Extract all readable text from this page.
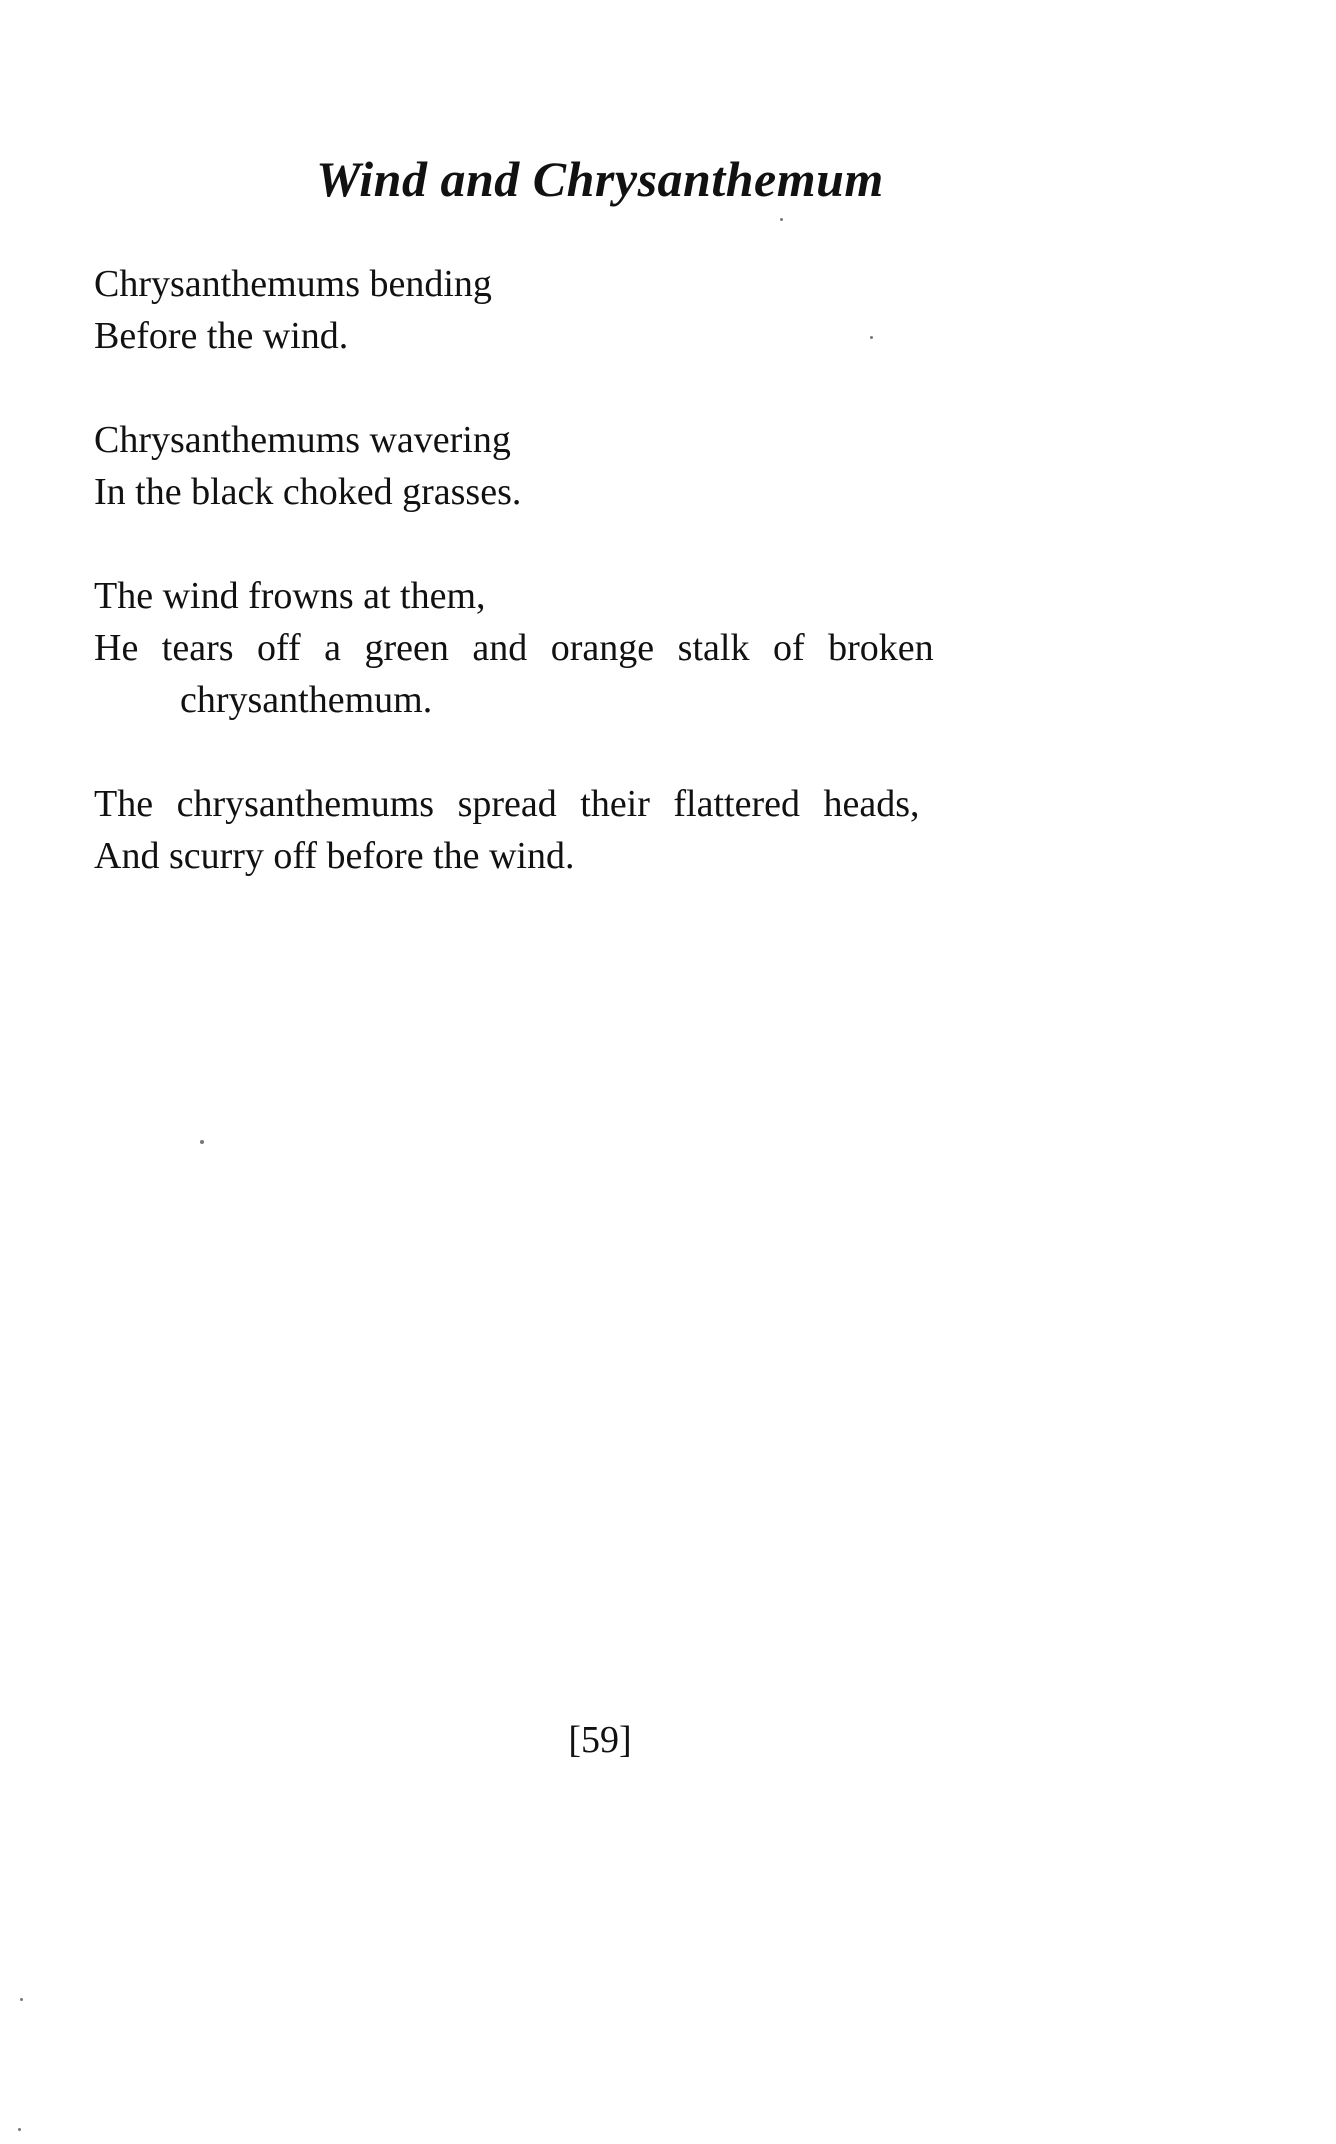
Wind and Chrysanthemum

Chrysanthemums bending
Before the wind.

Chrysanthemums wavering
In the black choked grasses.

The wind frowns at them,
He tears off a green and orange stalk of broken
chrysanthemum.

The chrysanthemums spread their flattered heads,
And scurry off before the wind.

[59]
